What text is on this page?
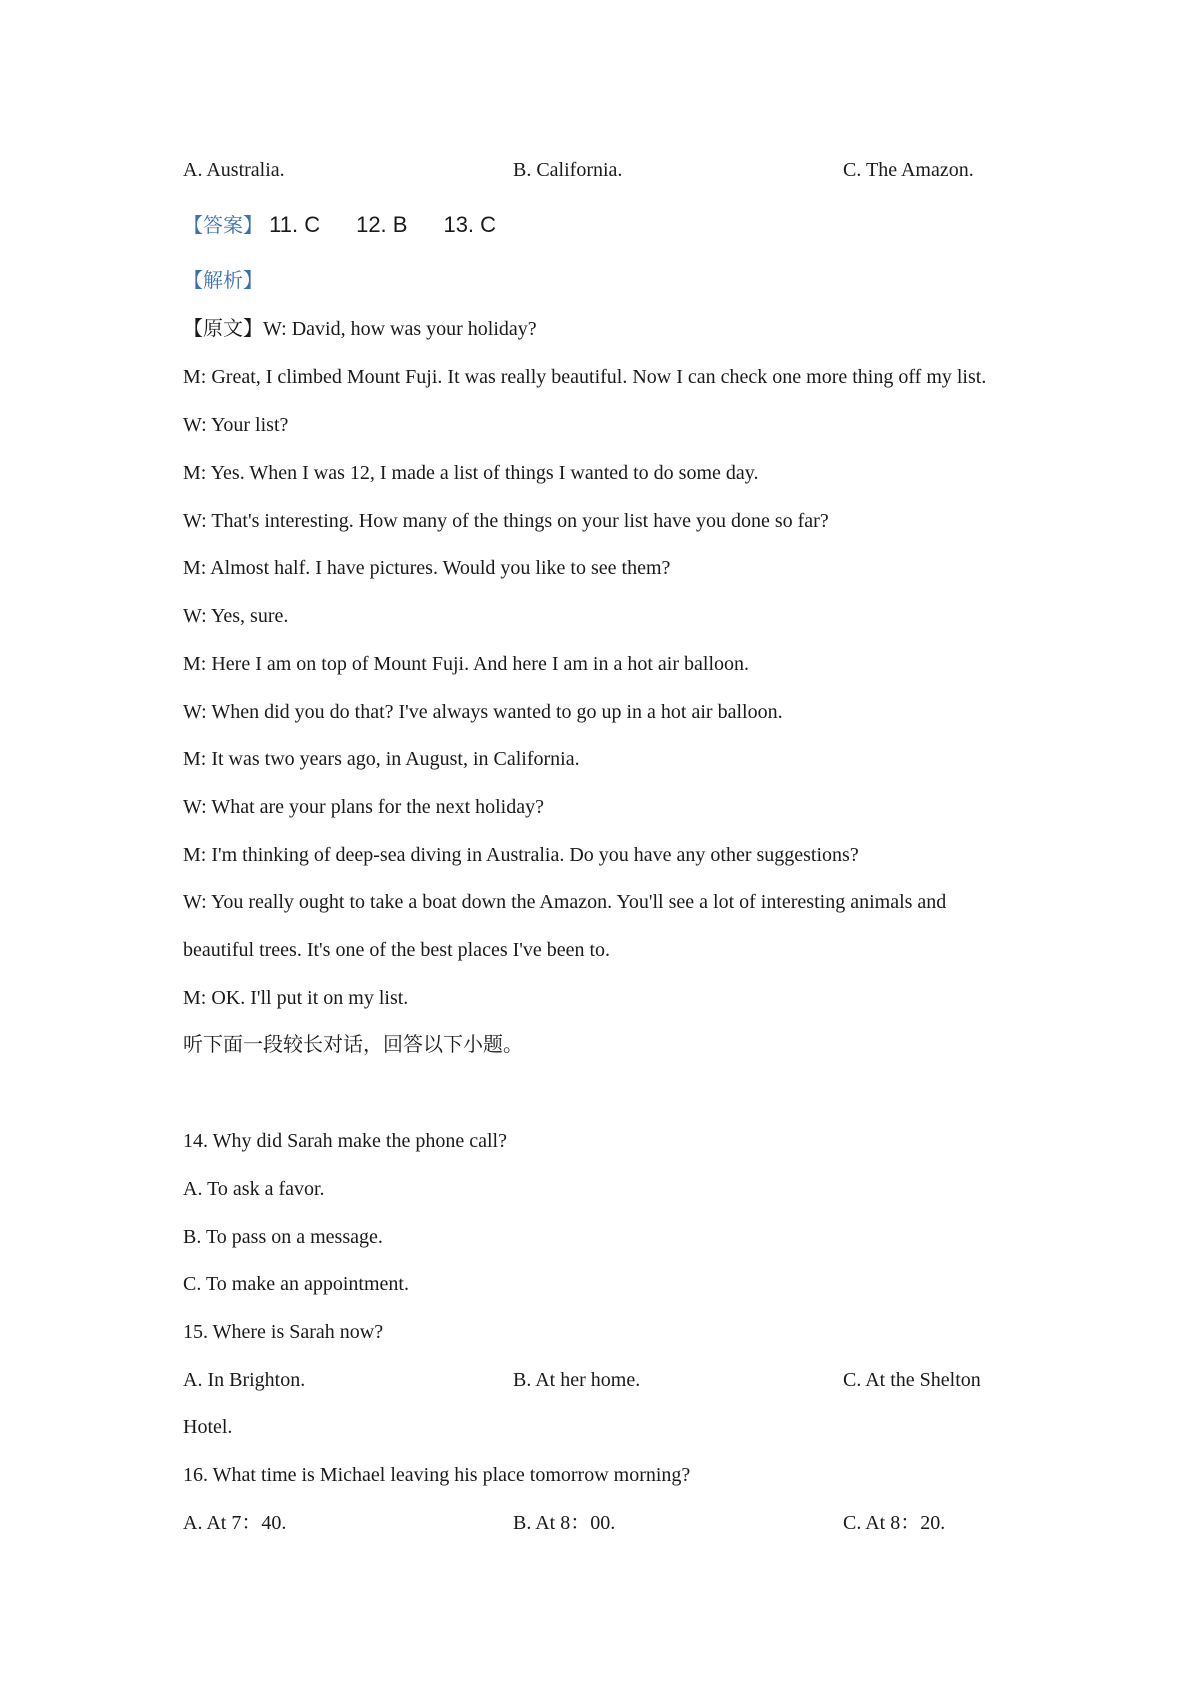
A. Australia.	B. California.	C. The Amazon.
【答案】 11. C 12. B 13. C
【解析】
【原文】W: David, how was your holiday?
M: Great, I climbed Mount Fuji. It was really beautiful. Now I can check one more thing off my list.
W: Your list?
M: Yes. When I was 12, I made a list of things I wanted to do some day.
W: That's interesting. How many of the things on your list have you done so far?
M: Almost half. I have pictures. Would you like to see them?
W: Yes, sure.
M: Here I am on top of Mount Fuji. And here I am in a hot air balloon.
W: When did you do that? I've always wanted to go up in a hot air balloon.
M: It was two years ago, in August, in California.
W: What are your plans for the next holiday?
M: I'm thinking of deep-sea diving in Australia. Do you have any other suggestions?
W: You really ought to take a boat down the Amazon. You'll see a lot of interesting animals and
beautiful trees. It's one of the best places I've been to.
M: OK. I'll put it on my list.
听下面一段较长对话，回答以下小题。
14. Why did Sarah make the phone call?
A. To ask a favor.
B. To pass on a message.
C. To make an appointment.
15. Where is Sarah now?
A. In Brighton.	B. At her home.	C. At the Shelton
Hotel.
16. What time is Michael leaving his place tomorrow morning?
A. At 7：40.	B. At 8：00.	C. At 8：20.
